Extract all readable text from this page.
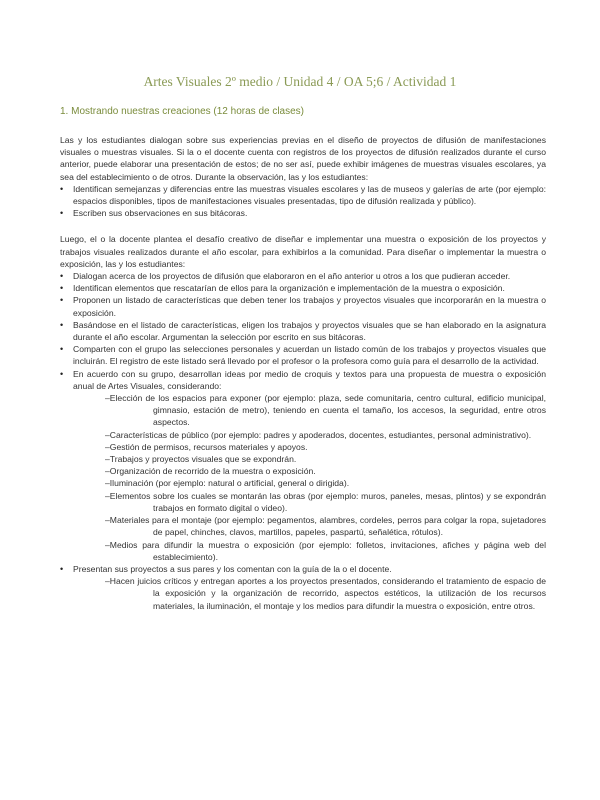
Artes Visuales 2º medio / Unidad 4 / OA 5;6 / Actividad 1
1. Mostrando nuestras creaciones (12 horas de clases)

Las y los estudiantes dialogan sobre sus experiencias previas en el diseño de proyectos de difusión de manifestaciones visuales o muestras visuales. Si la o el docente cuenta con registros de los proyectos de difusión realizados durante el curso anterior, puede elaborar una presentación de estos; de no ser así, puede exhibir imágenes de muestras visuales escolares, ya sea del establecimiento o de otros. Durante la observación, las y los estudiantes:

• Identifican semejanzas y diferencias entre las muestras visuales escolares y las de museos y galerías de arte (por ejemplo: espacios disponibles, tipos de manifestaciones visuales presentadas, tipo de difusión realizada y público).
• Escriben sus observaciones en sus bitácoras.

Luego, el o la docente plantea el desafío creativo de diseñar e implementar una muestra o exposición de los proyectos y trabajos visuales realizados durante el año escolar, para exhibirlos a la comunidad. Para diseñar o implementar la muestra o exposición, las y los estudiantes:

• Dialogan acerca de los proyectos de difusión que elaboraron en el año anterior u otros a los que pudieran acceder.
• Identifican elementos que rescatarían de ellos para la organización e implementación de la muestra o exposición.
• Proponen un listado de características que deben tener los trabajos y proyectos visuales que incorporarán en la muestra o exposición.
• Basándose en el listado de características, eligen los trabajos y proyectos visuales que se han elaborado en la asignatura durante el año escolar. Argumentan la selección por escrito en sus bitácoras.
• Comparten con el grupo las selecciones personales y acuerdan un listado común de los trabajos y proyectos visuales que incluirán. El registro de este listado será llevado por el profesor o la profesora como guía para el desarrollo de la actividad.
• En acuerdo con su grupo, desarrollan ideas por medio de croquis y textos para una propuesta de muestra o exposición anual de Artes Visuales, considerando:
–Elección de los espacios para exponer (por ejemplo: plaza, sede comunitaria, centro cultural, edificio municipal, gimnasio, estación de metro), teniendo en cuenta el tamaño, los accesos, la seguridad, entre otros aspectos.
–Características de público (por ejemplo: padres y apoderados, docentes, estudiantes, personal administrativo).
–Gestión de permisos, recursos materiales y apoyos.
–Trabajos y proyectos visuales que se expondrán.
–Organización de recorrido de la muestra o exposición.
–Iluminación (por ejemplo: natural o artificial, general o dirigida).
–Elementos sobre los cuales se montarán las obras (por ejemplo: muros, paneles, mesas, plintos) y se expondrán trabajos en formato digital o video).
–Materiales para el montaje (por ejemplo: pegamentos, alambres, cordeles, perros para colgar la ropa, sujetadores de papel, chinches, clavos, martillos, papeles, paspartú, señalética, rótulos).
–Medios para difundir la muestra o exposición (por ejemplo: folletos, invitaciones, afiches y página web del establecimiento).
• Presentan sus proyectos a sus pares y los comentan con la guía de la o el docente.
–Hacen juicios críticos y entregan aportes a los proyectos presentados, considerando el tratamiento de espacio de la exposición y la organización de recorrido, aspectos estéticos, la utilización de los recursos materiales, la iluminación, el montaje y los medios para difundir la muestra o exposición, entre otros.
